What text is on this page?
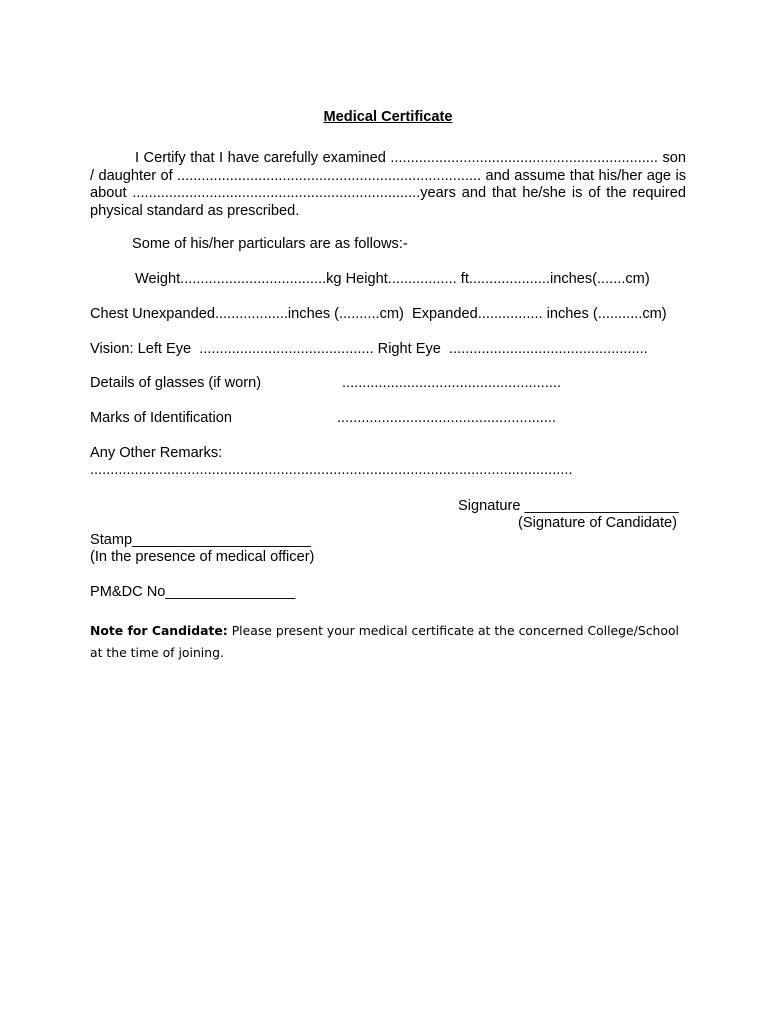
Medical Certificate
I Certify that I have carefully examined .................................................................. son / daughter of ........................................................................... and assume that his/her age is about .......................................................................years and that he/she is of the required physical standard as prescribed.
Some of his/her particulars are as follows:-
Weight....................................kg Height................. ft....................inches(.......cm)
Chest Unexpanded..................inches (..........cm)  Expanded................ inches (...........cm)
Vision: Left Eye  ........................................... Right Eye  .................................................
Details of glasses (if worn)	......................................................
Marks of Identification	......................................................
Any Other Remarks:
.......................................................................................................................
Signature ___________________
(Signature of Candidate)
Stamp______________________
(In the presence of medical officer)
PM&DC No________________
Note for Candidate: Please present your medical certificate at the concerned College/School at the time of joining.
